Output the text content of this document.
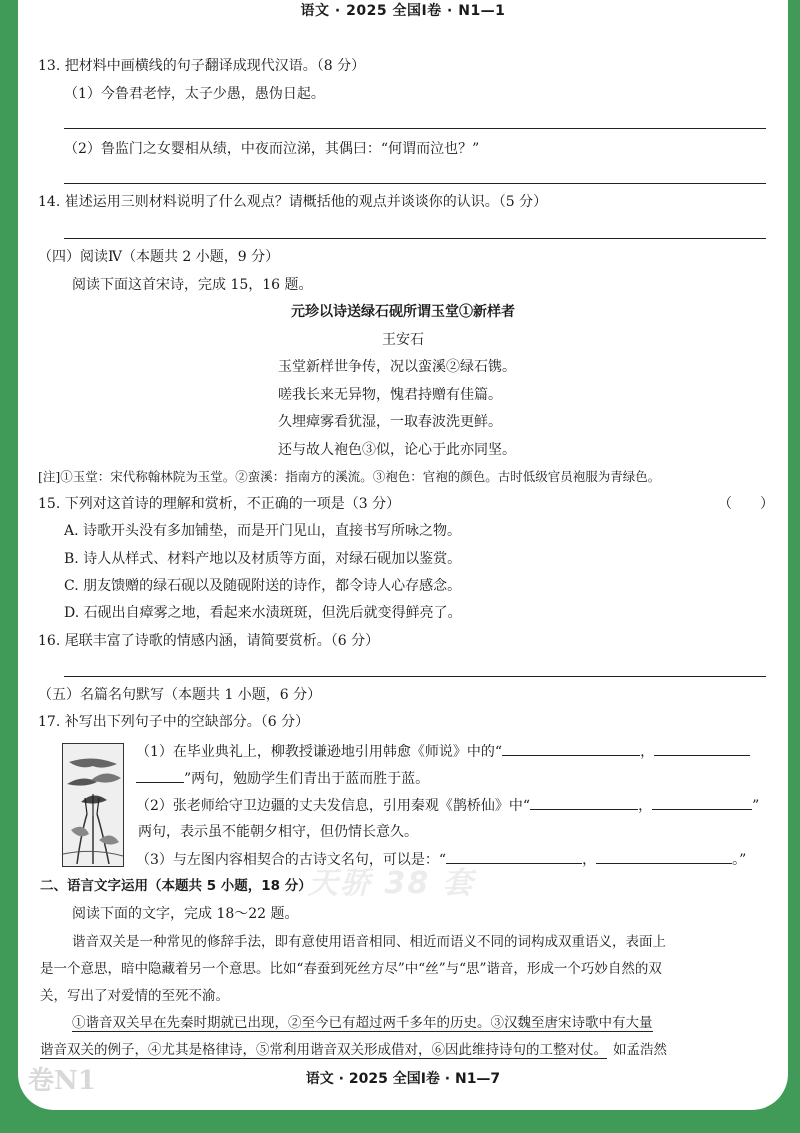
语文 · 2025 全国Ⅰ卷 · N1—1
13. 把材料中画横线的句子翻译成现代汉语。（8 分）
（1）今鲁君老悖，太子少愚，愚伪日起。
（2）鲁监门之女婴相从绩，中夜而泣涕，其偶曰：“何谓而泣也？”
14. 崔述运用三则材料说明了什么观点？请概括他的观点并谈谈你的认识。（5 分）
（四）阅读Ⅳ（本题共 2 小题，9 分）
阅读下面这首宋诗，完成 15，16 题。
元珍以诗送绿石砚所谓玉堂①新样者
王安石
玉堂新样世争传，况以蛮溪②绿石镌。
嗟我长来无异物，愧君持赠有佳篇。
久埋瘴雾看犹湿，一取春波洗更鲜。
还与故人袍色③似，论心于此亦同坚。
[注]①玉堂：宋代称翰林院为玉堂。②蛮溪：指南方的溪流。③袍色：官袍的颜色。古时低级官员袍服为青绿色。
15. 下列对这首诗的理解和赏析，不正确的一项是（3 分）	（　　）
A. 诗歌开头没有多加铺垫，而是开门见山，直接书写所咏之物。
B. 诗人从样式、材料产地以及材质等方面，对绿石砚加以鉴赏。
C. 朋友馈赠的绿石砚以及随砚附送的诗作，都令诗人心存感念。
D. 石砚出自瘴雾之地，看起来水渍斑斑，但洗后就变得鲜亮了。
16. 尾联丰富了诗歌的情感内涵，请简要赏析。（6 分）
（五）名篇名句默写（本题共 1 小题，6 分）
17. 补写出下列句子中的空缺部分。（6 分）
（1）在毕业典礼上，柳教授谦逊地引用韩愈《师说》中的“	，
”两句，勉励学生们青出于蓝而胜于蓝。
（2）张老师给守卫边疆的丈夫发信息，引用秦观《鹊桥仙》中“	，	”
两句，表示虽不能朝夕相守，但仍情长意久。
（3）与左图内容相契合的古诗文名句，可以是：“	，	。”
天骄 38 套
二、语言文字运用（本题共 5 小题，18 分）
阅读下面的文字，完成 18～22 题。
谐音双关是一种常见的修辞手法，即有意使用语音相同、相近而语义不同的词构成双重语义，表面上
是一个意思，暗中隐藏着另一个意思。比如“春蚕到死丝方尽”中“丝”与“思”谐音，形成一个巧妙自然的双
关，写出了对爱情的至死不渝。
①谐音双关早在先秦时期就已出现，②至今已有超过两千多年的历史。③汉魏至唐宋诗歌中有大量
谐音双关的例子，④尤其是格律诗，⑤常利用谐音双关形成借对，⑥因此维持诗句的工整对仗。 如孟浩然
卷N1	语文 · 2025 全国Ⅰ卷 · N1—7
